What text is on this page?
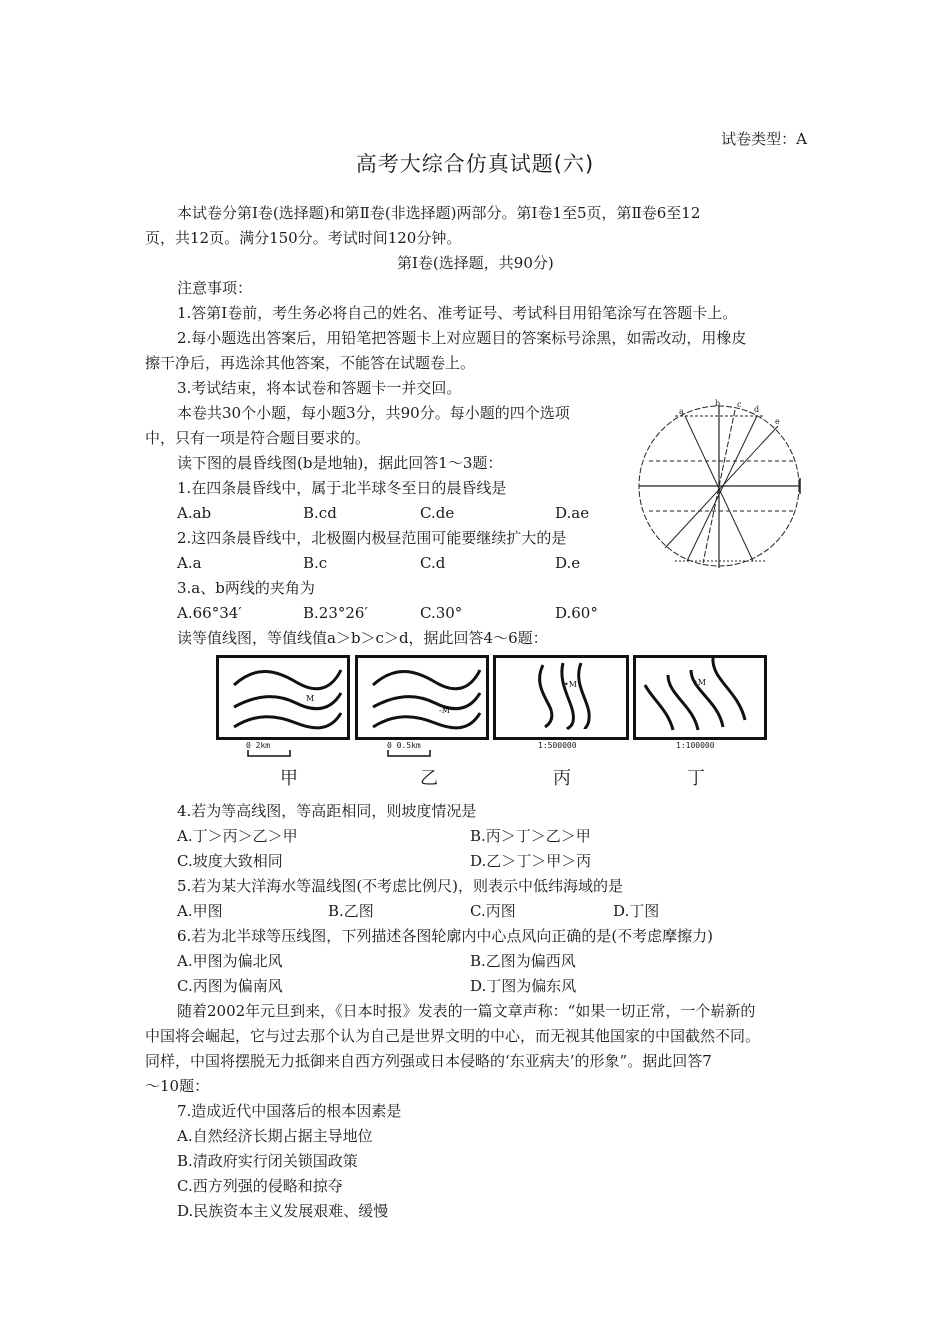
试卷类型：A
高考大综合仿真试题(六)
本试卷分第Ⅰ卷(选择题)和第Ⅱ卷(非选择题)两部分。第Ⅰ卷1至5页，第Ⅱ卷6至12
页，共12页。满分150分。考试时间120分钟。
第Ⅰ卷(选择题，共90分)
注意事项：
1.答第Ⅰ卷前，考生务必将自己的姓名、准考证号、考试科目用铅笔涂写在答题卡上。
2.每小题选出答案后，用铅笔把答题卡上对应题目的答案标号涂黑，如需改动，用橡皮
擦干净后，再选涂其他答案，不能答在试题卷上。
3.考试结束，将本试卷和答题卡一并交回。
本卷共30个小题，每小题3分，共90分。每小题的四个选项
中，只有一项是符合题目要求的。
读下图的晨昏线图(b是地轴)，据此回答1～3题：
1.在四条晨昏线中，属于北半球冬至日的晨昏线是
A.ab	B.cd	C.de	D.ae
2.这四条晨昏线中，北极圈内极昼范围可能要继续扩大的是
A.a	B.c	C.d	D.e
3.a、b两线的夹角为
A.66°34′	B.23°26′	C.30°	D.60°
a
b c
d
e
读等值线图，等值线值a＞b＞c＞d，据此回答4～6题：
M
-M
•M	•M
0 2km	0 0.5km	1:500000	1:100000
甲	乙	丙	丁
4.若为等高线图，等高距相同，则坡度情况是
A.丁＞丙＞乙＞甲	B.丙＞丁＞乙＞甲
C.坡度大致相同	D.乙＞丁＞甲＞丙
5.若为某大洋海水等温线图(不考虑比例尺)，则表示中低纬海域的是
A.甲图	B.乙图	C.丙图	D.丁图
6.若为北半球等压线图，下列描述各图轮廓内中心点风向正确的是(不考虑摩擦力)
A.甲图为偏北风	B.乙图为偏西风
C.丙图为偏南风	D.丁图为偏东风
随着2002年元旦到来，《日本时报》发表的一篇文章声称：“如果一切正常，一个崭新的
中国将会崛起，它与过去那个认为自己是世界文明的中心，而无视其他国家的中国截然不同。
同样，中国将摆脱无力抵御来自西方列强或日本侵略的‘东亚病夫’的形象”。据此回答7
～10题：
7.造成近代中国落后的根本因素是
A.自然经济长期占据主导地位
B.清政府实行闭关锁国政策
C.西方列强的侵略和掠夺
D.民族资本主义发展艰难、缓慢
